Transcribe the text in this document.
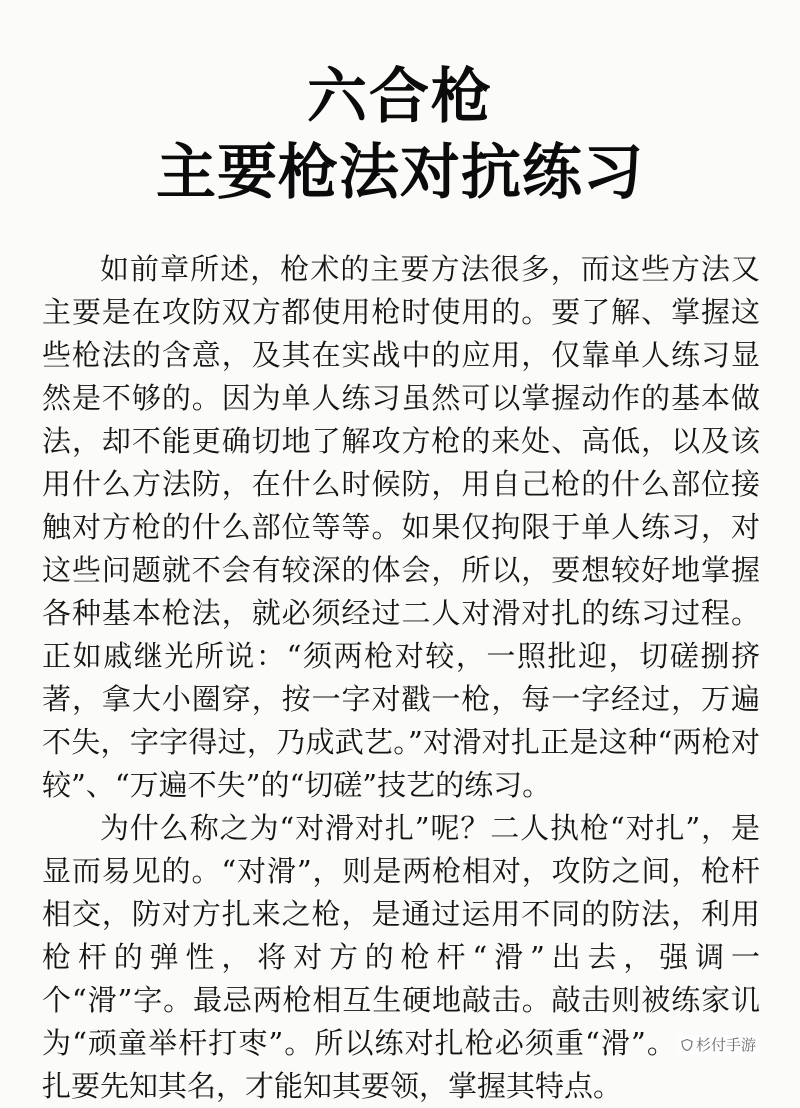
六合枪
主要枪法对抗练习

如前章所述，枪术的主要方法很多，而这些方法又主要是在攻防双方都使用枪时使用的。要了解、掌握这些枪法的含意，及其在实战中的应用，仅靠单人练习显然是不够的。因为单人练习虽然可以掌握动作的基本做法，却不能更确切地了解攻方枪的来处、高低，以及该用什么方法防，在什么时候防，用自己枪的什么部位接触对方枪的什么部位等等。如果仅拘限于单人练习，对这些问题就不会有较深的体会，所以，要想较好地掌握各种基本枪法，就必须经过二人对滑对扎的练习过程。正如戚继光所说：“须两枪对较，一照批迎，切磋捌挤著，拿大小圈穿，按一字对戳一枪，每一字经过，万遍不失，字字得过，乃成武艺。”对滑对扎正是这种“两枪对较”、“万遍不失”的“切磋”技艺的练习。

为什么称之为“对滑对扎”呢？二人执枪“对扎”，是显而易见的。“对滑”，则是两枪相对，攻防之间，枪杆相交，防对方扎来之枪，是通过运用不同的防法，利用枪杆的弹性，将对方的枪杆“滑”出去，强调一个“滑”字。最忌两枪相互生硬地敲击。敲击则被练家讥为“顽童举杆打枣”。所以练对扎枪必须重“滑”。 杉付手游扎要先知其名，才能知其要领，掌握其特点。
